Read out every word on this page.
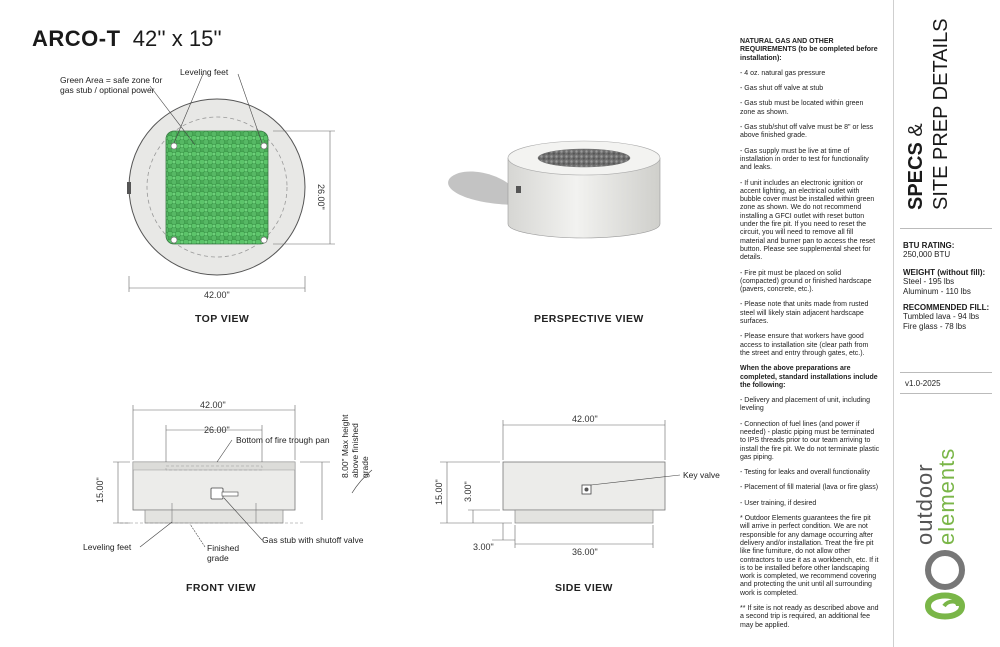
ARCO-T 42'' x 15''
Green Area = safe zone for
gas stub / optional power
Leveling feet
42.00"
26.00"
TOP VIEW	PERSPECTIVE VIEW
42.00"
26.00"
Bottom of fire trough pan
15.00"
8.00" Max height above finished grade
Leveling feet	Finished
grade
Gas stub with shutoff valve
FRONT VIEW
42.00"
Key valve
15.00" 3.00"
3.00"	36.00"
SIDE VIEW

NATURAL GAS AND OTHER REQUIREMENTS (to be completed before installation):

- 4 oz. natural gas pressure

- Gas shut off valve at stub

- Gas stub must be located within green zone as shown.

- Gas stub/shut off valve must be 8" or less above finished grade.

- Gas supply must be live at time of installation in order to test for functionality and leaks.

- If unit includes an electronic ignition or accent lighting, an electrical outlet with bubble cover must be installed within green zone as shown. We do not recommend installing a GFCI outlet with reset button under the fire pit. If you need to reset the circuit, you will need to remove all fill material and burner pan to access the reset button. Please see supplemental sheet for details.

- Fire pit must be placed on solid (compacted) ground or finished hardscape (pavers, concrete, etc.).

- Please note that units made from rusted steel will likely stain adjacent hardscape surfaces.

- Please ensure that workers have good access to installation site (clear path from the street and entry through gates, etc.).

When the above preparations are completed, standard installations include the following:

- Delivery and placement of unit, including leveling

- Connection of fuel lines (and power if needed) - plastic piping must be terminated to IPS threads prior to our team arriving to install the fire pit. We do not terminate plastic gas piping.

- Testing for leaks and overall functionality

- Placement of fill material (lava or fire glass)

- User training, if desired

* Outdoor Elements guarantees the fire pit will arrive in perfect condition. We are not responsible for any damage occurring after delivery and/or installation. Treat the fire pit like fine furniture, do not allow other contractors to use it as a workbench, etc. If it is to be installed before other landscaping work is completed, we recommend covering and protecting the unit until all surrounding work is completed.

** If site is not ready as described above and a second trip is required, an additional fee may be applied.

SPECS & SITE PREP DETAILS
BTU RATING:
250,000 BTU
WEIGHT (without fill):
Steel - 195 lbs
Aluminum - 110 lbs
RECOMMENDED FILL:
Tumbled lava - 94 lbs
Fire glass - 78 lbs
v1.0-2025
outdoor
elements
